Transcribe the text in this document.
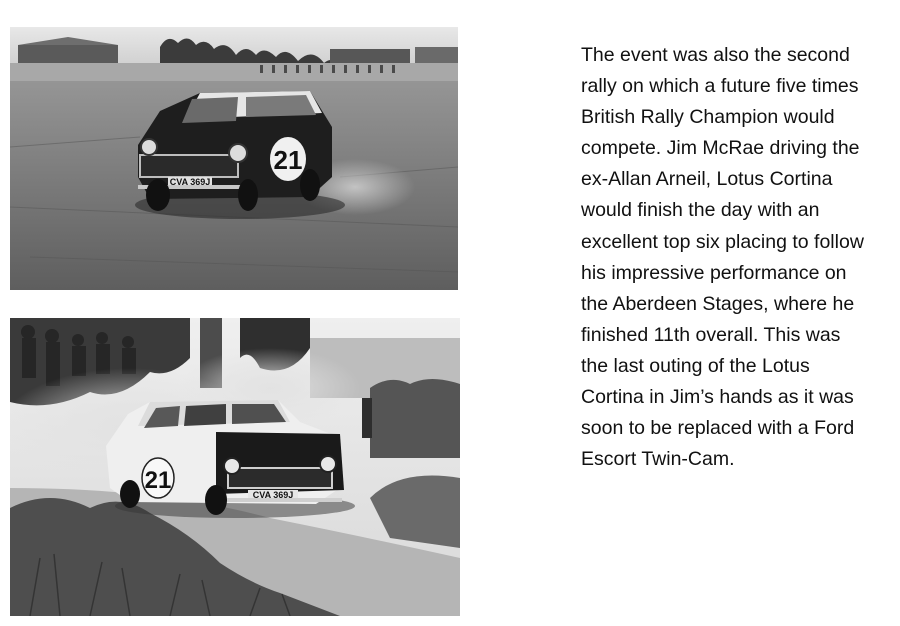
21
CVA 369J
21
CVA 369J
The event was also the second
rally on which a future five times
British Rally Champion would
compete. Jim McRae driving the
ex-Allan Arneil, Lotus Cortina
would finish the day with an
excellent top six placing to follow
his impressive performance on
the Aberdeen Stages, where he
finished 11th overall. This was
the last outing of the Lotus
Cortina in Jim’s hands as it was
soon to be replaced with a Ford
Escort Twin-Cam.
